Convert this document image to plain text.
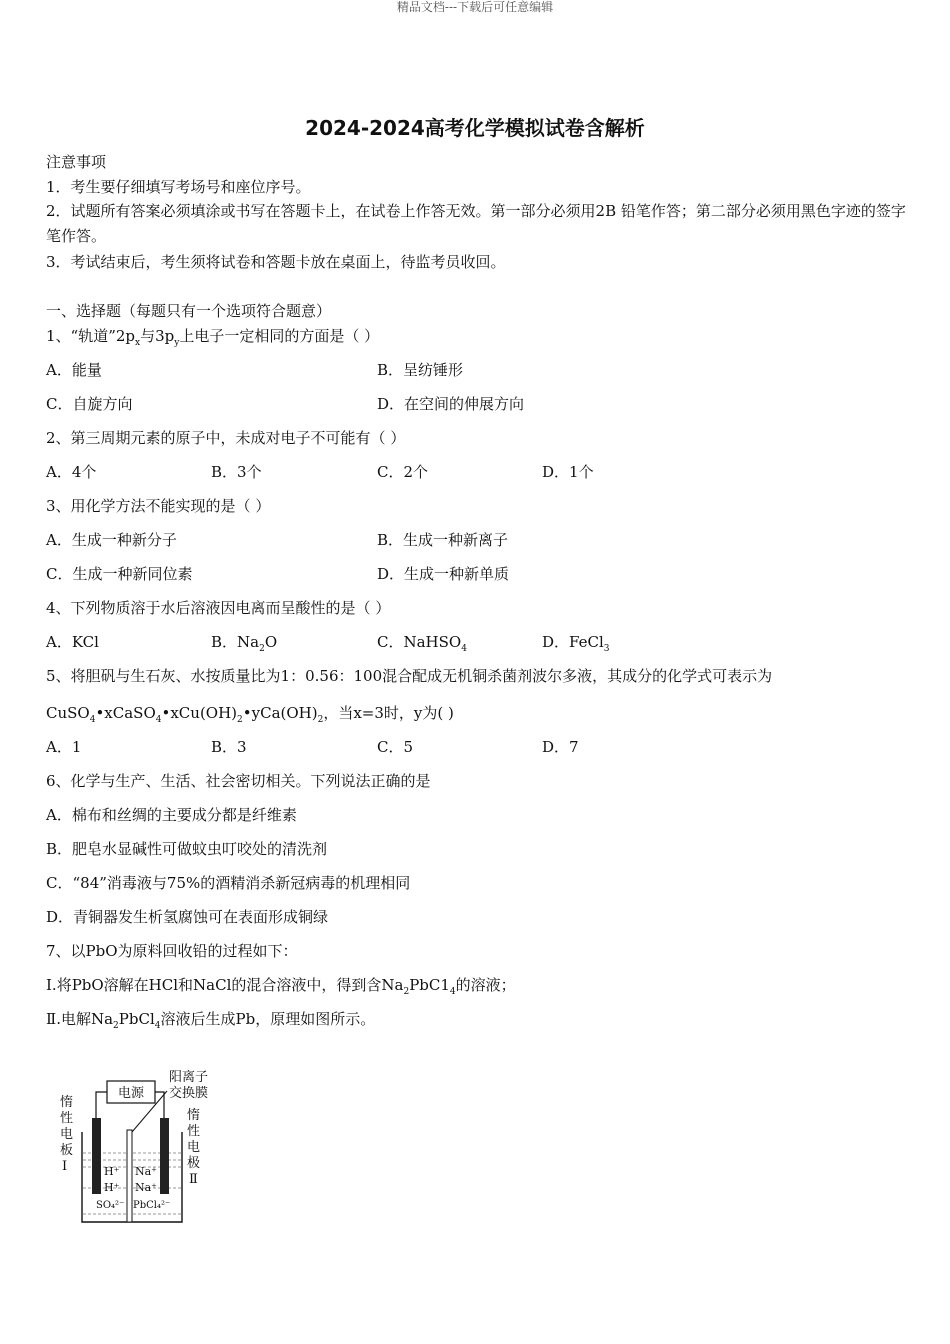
精品文档---下载后可任意编辑
2024-2024高考化学模拟试卷含解析
注意事项
1．考生要仔细填写考场号和座位序号。
2．试题所有答案必须填涂或书写在答题卡上，在试卷上作答无效。第一部分必须用2B 铅笔作答；第二部分必须用黑色字迹的签字笔作答。
3．考试结束后，考生须将试卷和答题卡放在桌面上，待监考员收回。
一、选择题（每题只有一个选项符合题意）
1、“轨道$”2p_x$与$3p_y$上电子一定相同的方面是（ ）
A．能量	B．呈纺锤形
C．自旋方向	D．在空间的伸展方向
2、第三周期元素的原子中，未成对电子不可能有（ ）
A．4个	B．3个	C．2个	D．1个
3、用化学方法不能实现的是（ ）
A．生成一种新分子	B．生成一种新离子
C．生成一种新同位素	D．生成一种新单质
4、下列物质溶于水后溶液因电离而呈酸性的是（ ）
A．KCl	B．$Na_2O$	C．NaHSO$_4$	D．FeCl$_3$
5、将胆矾与生石灰、水按质量比为1：0.56：100混合配成无机铜杀菌剂波尔多液，其成分的化学式可表示为
$CuSO_4•xCaSO_4•xCu(OH)_2•yCa(OH)_2$，当x=3时，y为( )
A．1	B．3	C．5	D．7
6、化学与生产、生活、社会密切相关。下列说法正确的是
A．棉布和丝绸的主要成分都是纤维素
B．肥皂水显碱性可做蚊虫叮咬处的清洗剂
C．“84”消毒液与75%的酒精消杀新冠病毒的机理相同
D．青铜器发生析氢腐蚀可在表面形成铜绿
7、以PbO为原料回收铅的过程如下：
Ⅰ.将PbO溶解在HCl和NaCl的混合溶液中，得到含$Na_2PbC1_4$的溶液；
Ⅱ.电解$Na_2PbCl_4$溶液后生成Pb，原理如图所示。
电源
阳离子
交换膜
惰
性
电
板
Ⅰ
惰
性
电
极
Ⅱ
H⁺
H⁺
SO₄²⁻
Na⁺
Na⁺
PbCl₄²⁻
